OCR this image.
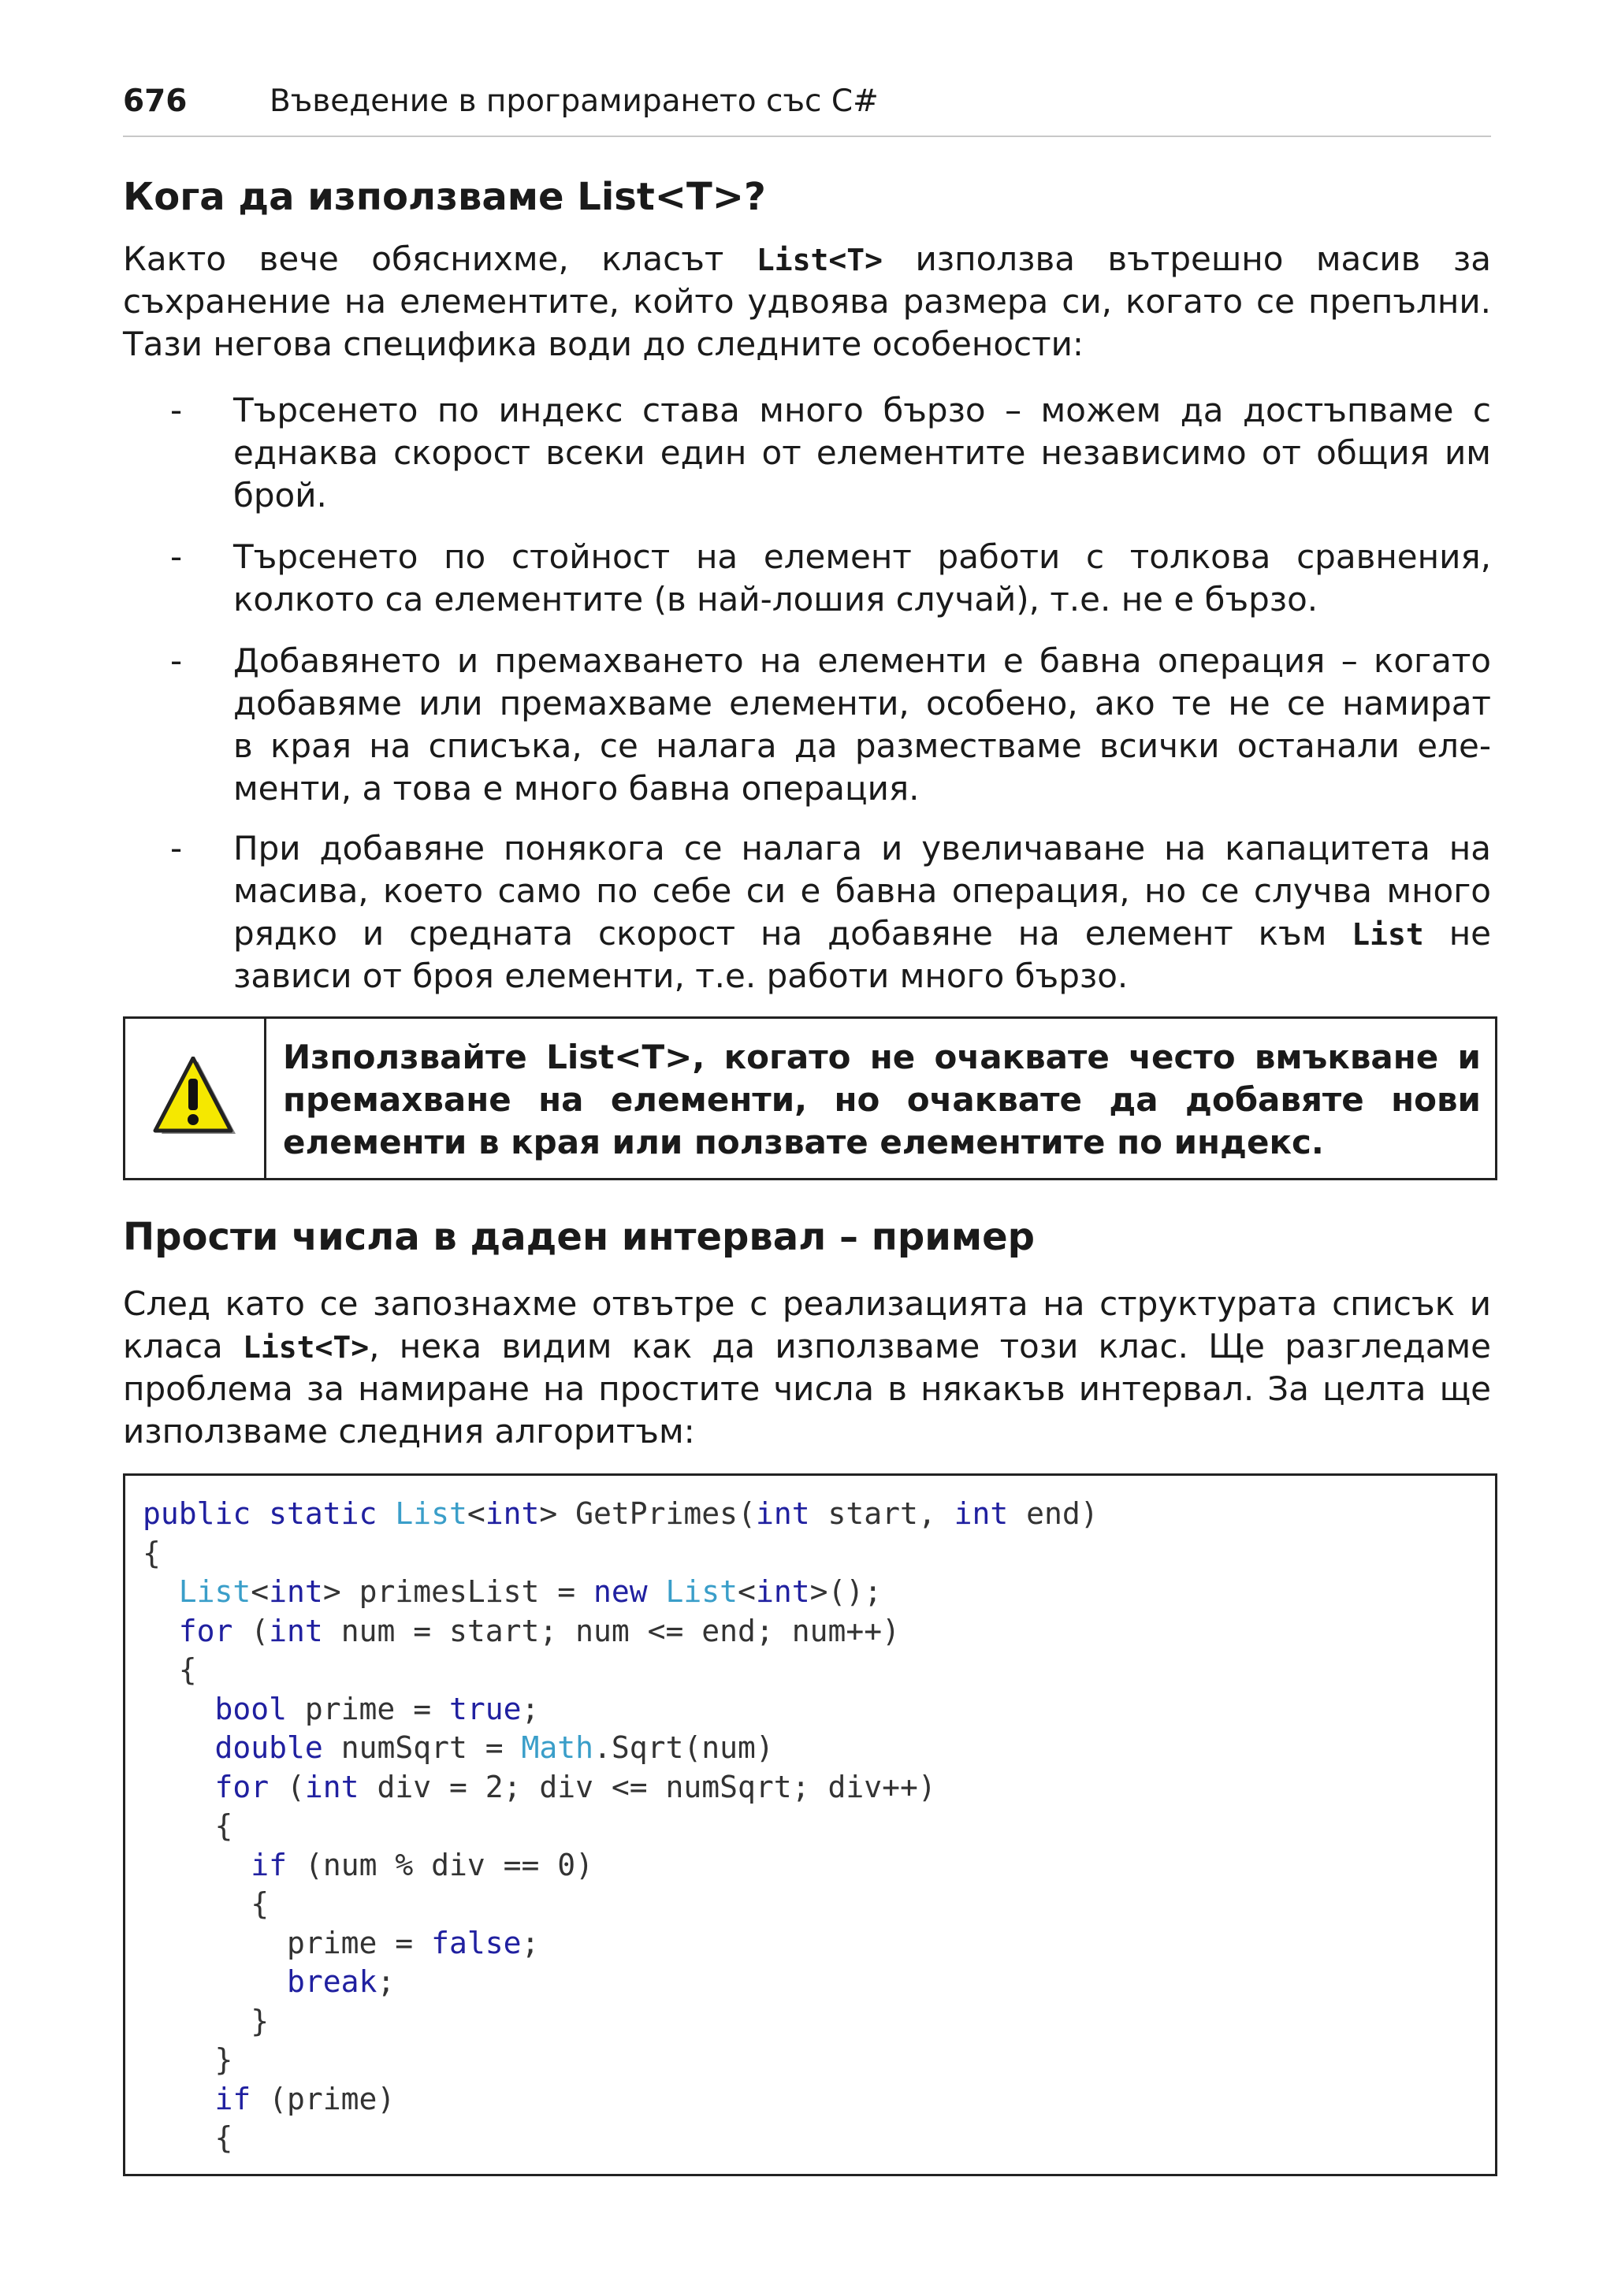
676	Въведение в програмирането със C#
Кога да използваме List<T>?
Както вече обяснихме, класът List<T> използва вътрешно масив за
съхранение на елементите, който удвоява размера си, когато се препълни.
Тази негова специфика води до следните особености:
- Търсенето по индекс става много бързо – можем да достъпваме с
еднаква скорост всеки един от елементите независимо от общия им
брой.
- Търсенето по стойност на елемент работи с толкова сравнения,
колкото са елементите (в най-лошия случай), т.е. не е бързо.
- Добавянето и премахването на елементи е бавна операция – когато
добавяме или премахваме елементи, особено, ако те не се намират
в края на списъка, се налага да разместваме всички останали еле-
менти, а това е много бавна операция.
- При добавяне понякога се налага и увеличаване на капацитета на
масива, което само по себе си е бавна операция, но се случва много
рядко и средната скорост на добавяне на елемент към List не
зависи от броя елементи, т.е. работи много бързо.
Използвайте List<T>, когато не очаквате често вмъкване и
премахване на елементи, но очаквате да добавяте нови
елементи в края или ползвате елементите по индекс.
Прости числа в даден интервал – пример
След като се запознахме отвътре с реализацията на структурата списък и
класа List<T>, нека видим как да използваме този клас. Ще разгледаме
проблема за намиране на простите числа в някакъв интервал. За целта ще
използваме следния алгоритъм:
public static List<int> GetPrimes(int start, int end)
{
List<int> primesList = new List<int>();
for (int num = start; num <= end; num++)
{
bool prime = true;
double numSqrt = Math.Sqrt(num)
for (int div = 2; div <= numSqrt; div++)
{
if (num % div == 0)
{
prime = false;
break;
}
}
if (prime)
{
